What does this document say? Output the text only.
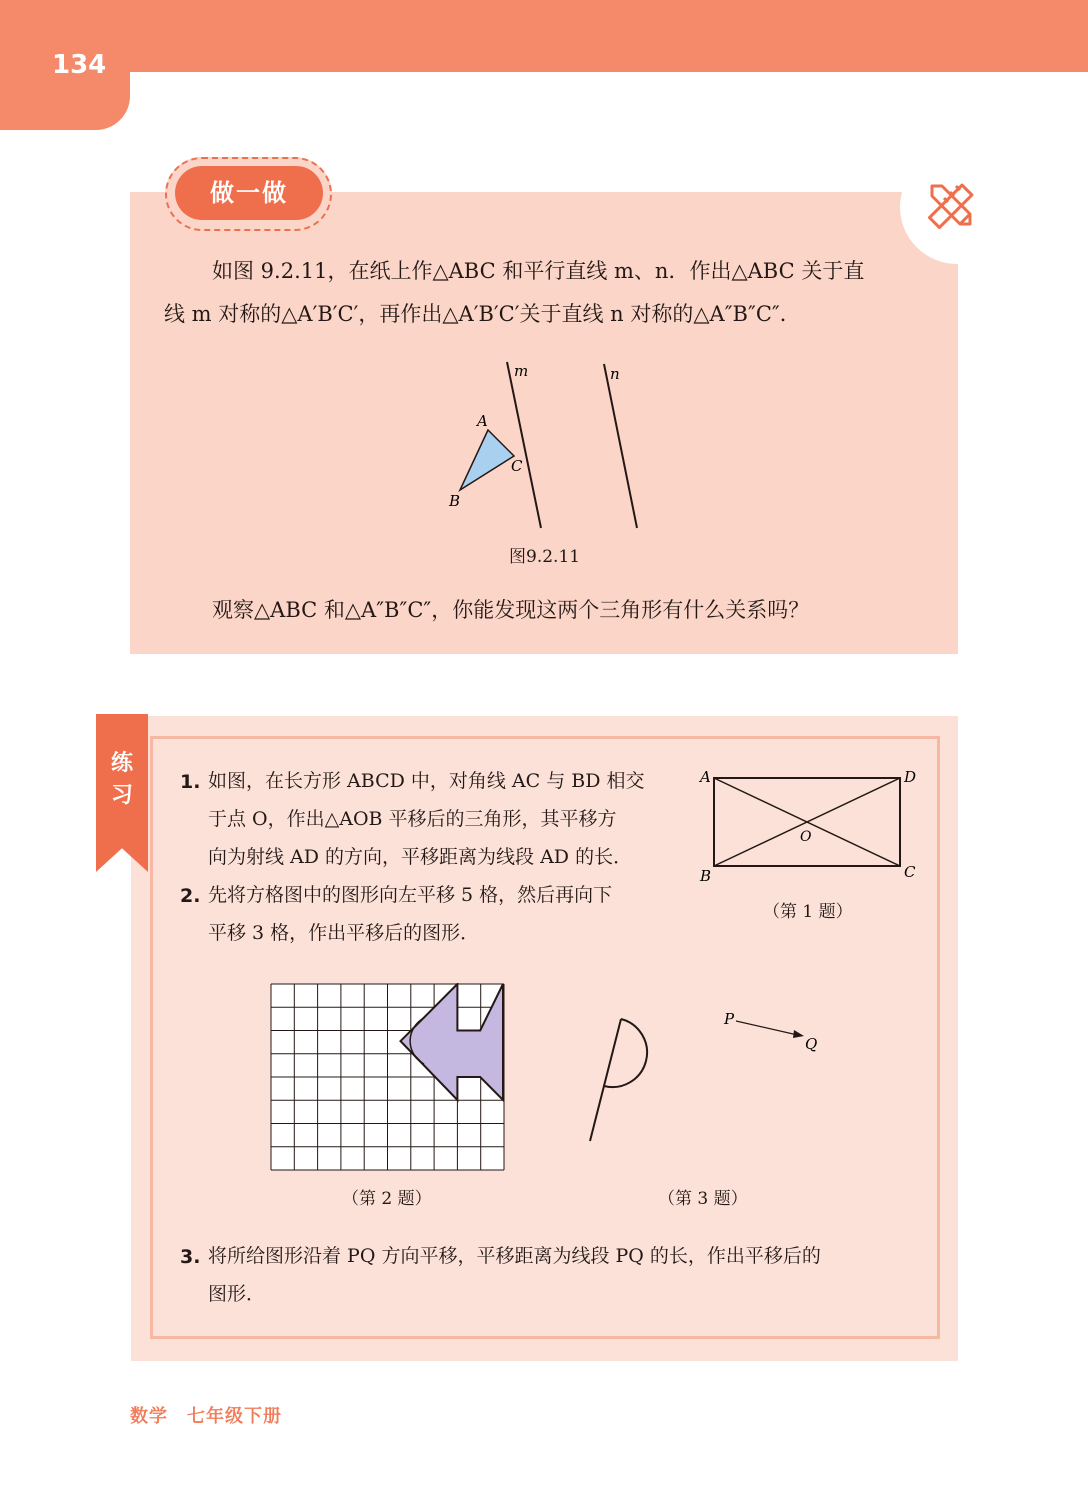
134
做一做
如图 9.2.11，在纸上作△ABC 和平行直线 m、n．作出△ABC 关于直
线 m 对称的△A′B′C′，再作出△A′B′C′关于直线 n 对称的△A″B″C″．
m	n
A
B
C
图9.2.11
观察△ABC 和△A″B″C″，你能发现这两个三角形有什么关系吗？
练习
1. 如图，在长方形 ABCD 中，对角线 AC 与 BD 相交
于点 O，作出△AOB 平移后的三角形，其平移方
向为射线 AD 的方向，平移距离为线段 AD 的长．
2. 先将方格图中的图形向左平移 5 格，然后再向下
平移 3 格，作出平移后的图形．
A	D
B	C
O
（第 1 题）
（第 2 题）
P
Q
（第 3 题）
3. 将所给图形沿着 PQ 方向平移，平移距离为线段 PQ 的长，作出平移后的
图形．
数学　七年级下册
